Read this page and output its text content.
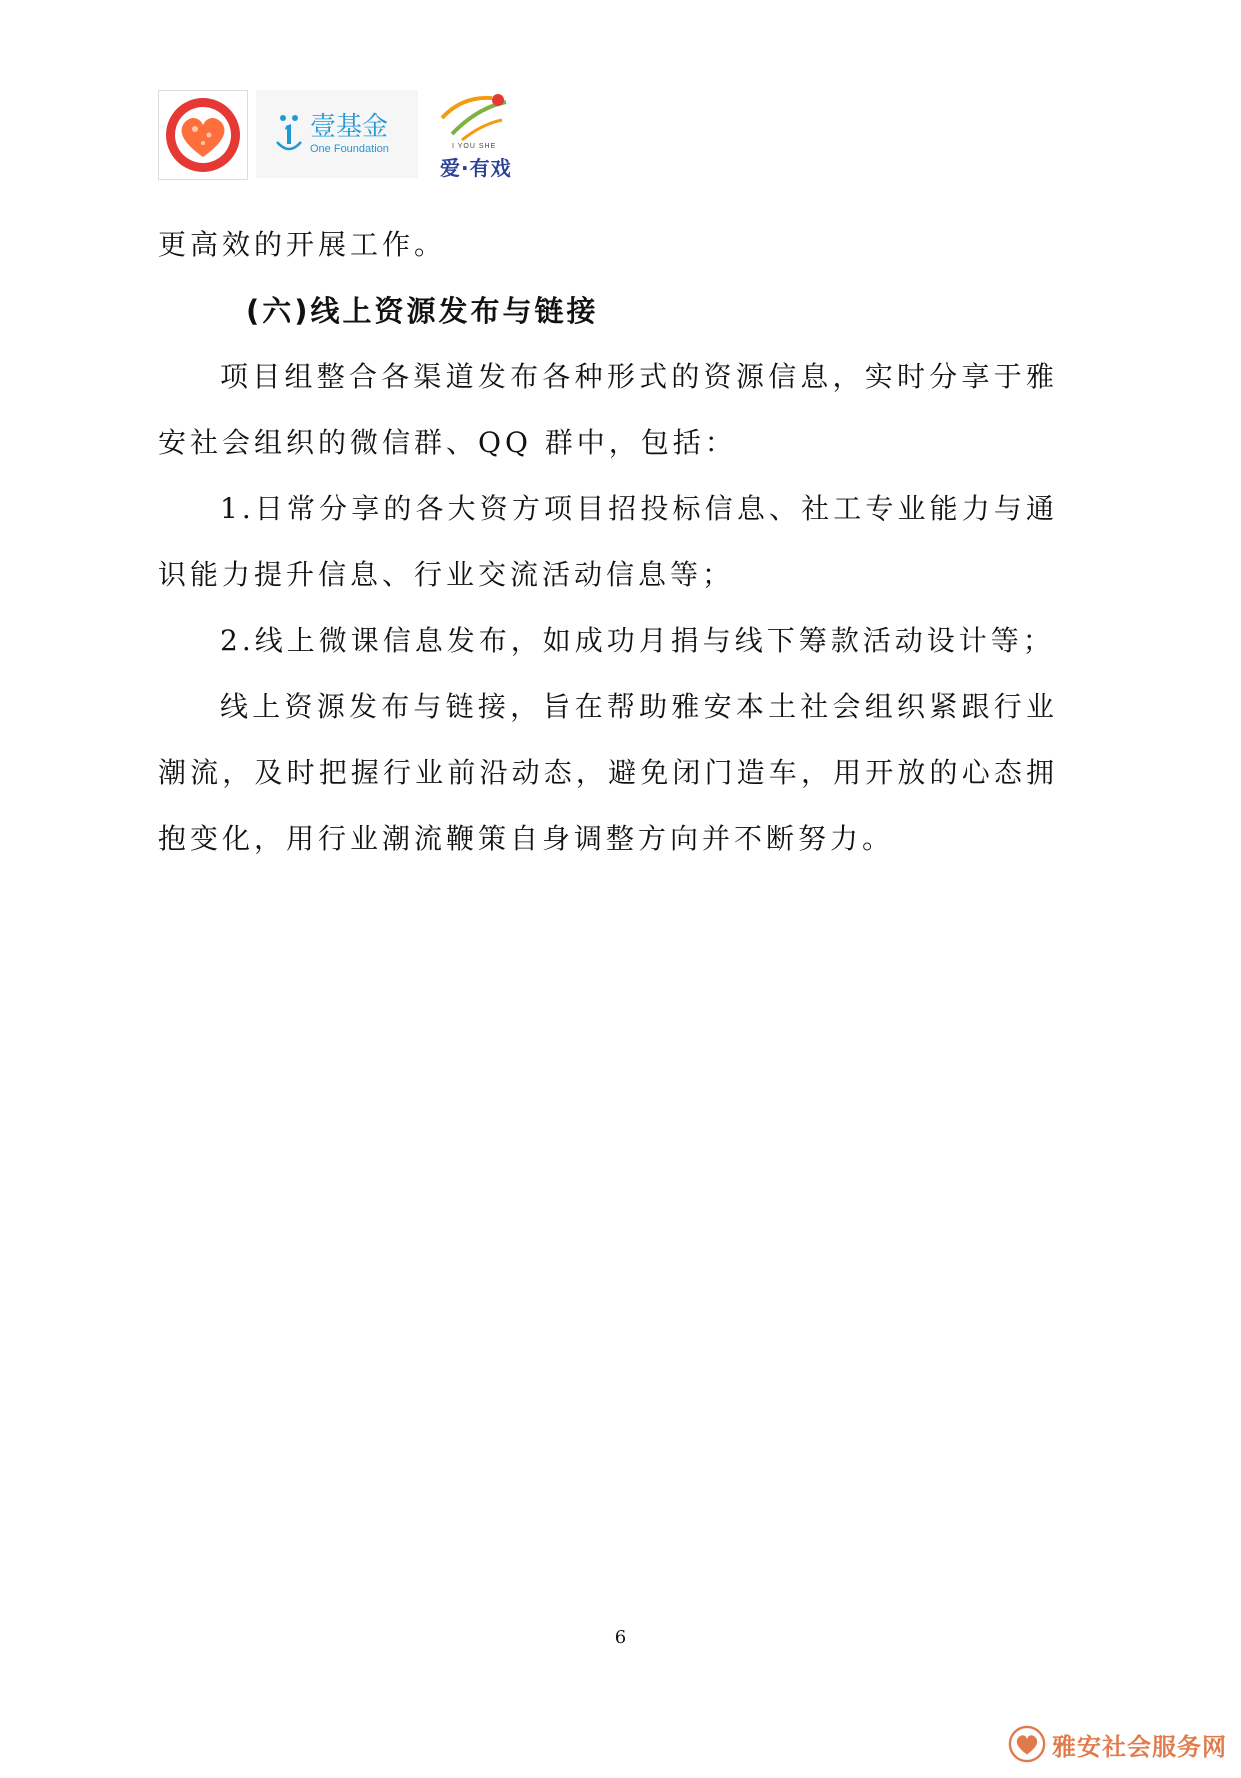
壹基金
One Foundation	I YOU SHE
爱·有戏

更高效的开展工作。

(六)线上资源发布与链接

项目组整合各渠道发布各种形式的资源信息，实时分享于雅安社会组织的微信群、QQ 群中，包括：

1.日常分享的各大资方项目招投标信息、社工专业能力与通识能力提升信息、行业交流活动信息等；

2.线上微课信息发布，如成功月捐与线下筹款活动设计等；

线上资源发布与链接，旨在帮助雅安本土社会组织紧跟行业潮流，及时把握行业前沿动态，避免闭门造车，用开放的心态拥抱变化，用行业潮流鞭策自身调整方向并不断努力。

6
雅安社会服务网
